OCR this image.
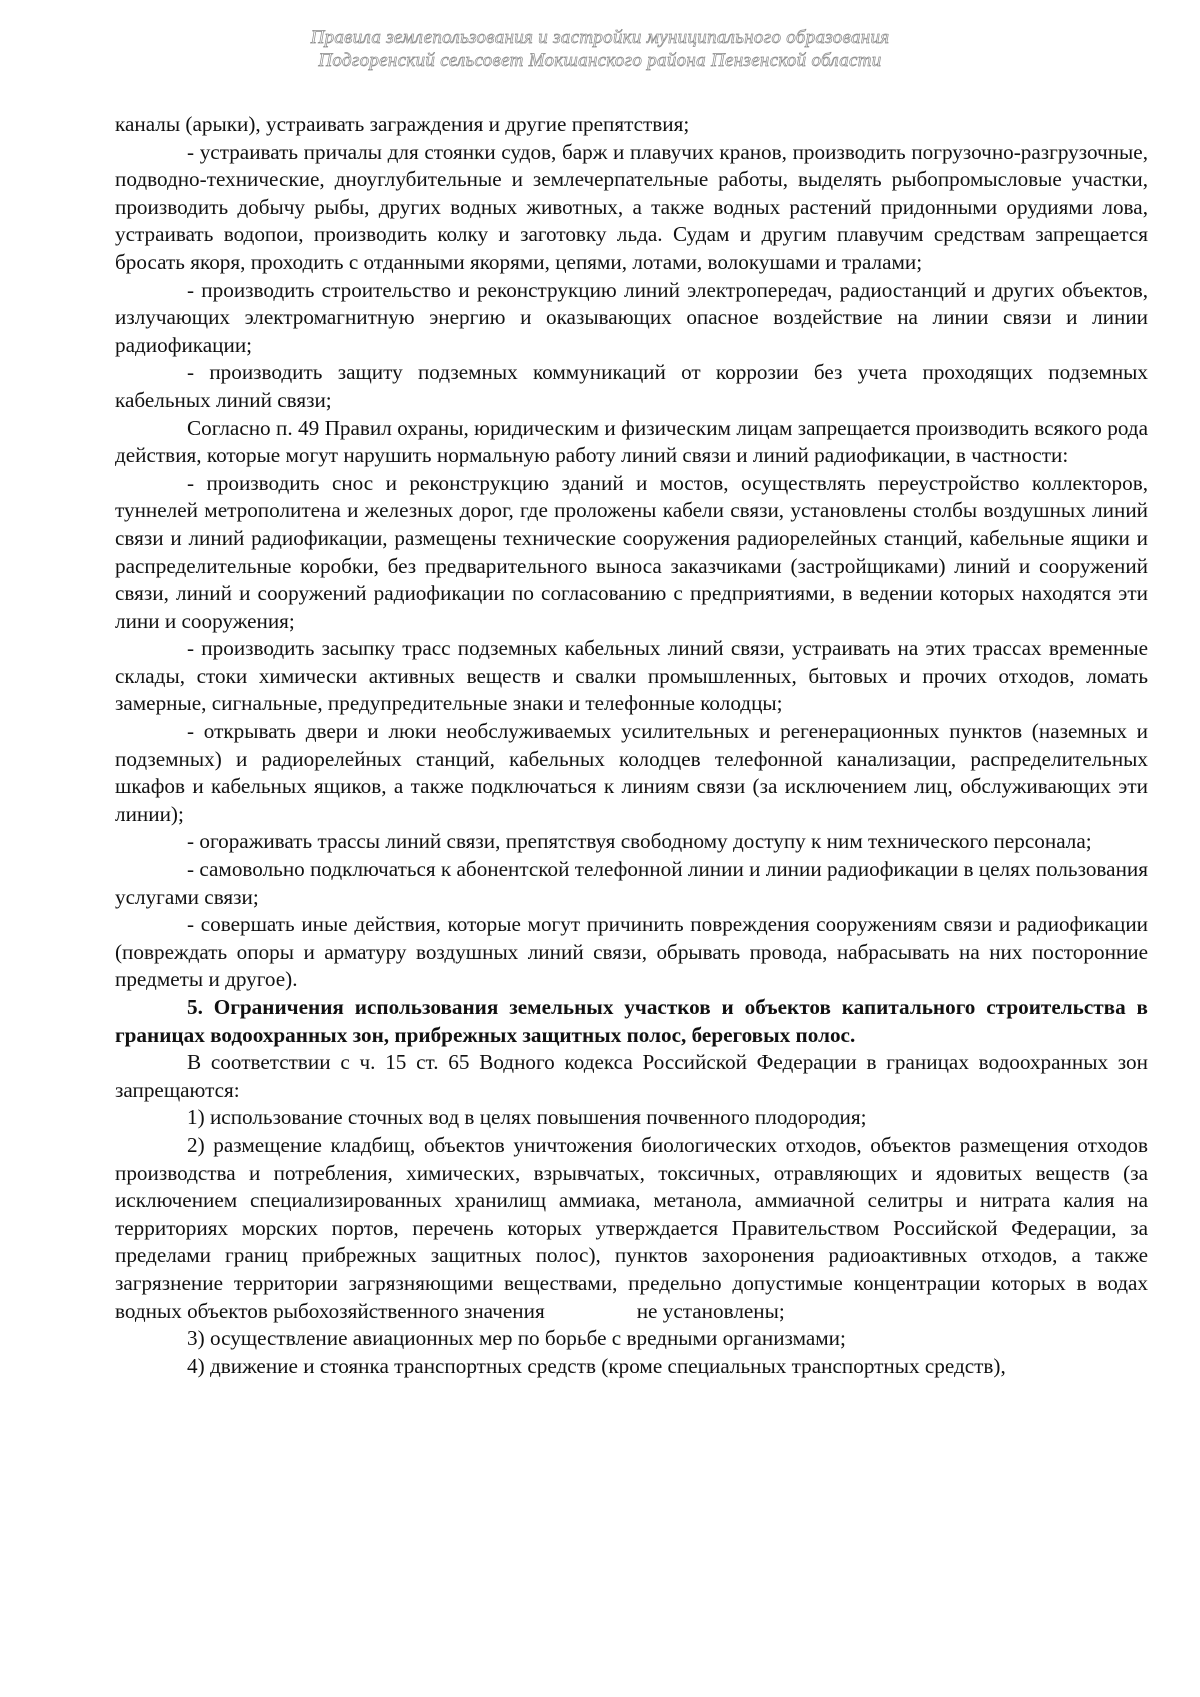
Правила землепользования и застройки муниципального образования
Подгоренский сельсовет Мокшанского района Пензенской области

каналы (арыки), устраивать заграждения и другие препятствия;

- устраивать причалы для стоянки судов, барж и плавучих кранов, производить погрузочно-разгрузочные, подводно-технические, дноуглубительные и землечерпательные работы, выделять рыбопромысловые участки, производить добычу рыбы, других водных животных, а также водных растений придонными орудиями лова, устраивать водопои, производить колку и заготовку льда. Судам и другим плавучим средствам запрещается бросать якоря, проходить с отданными якорями, цепями, лотами, волокушами и тралами;

- производить строительство и реконструкцию линий электропередач, радиостанций и других объектов, излучающих электромагнитную энергию и оказывающих опасное воздействие на линии связи и линии радиофикации;

- производить защиту подземных коммуникаций от коррозии без учета проходящих подземных кабельных линий связи;

Согласно п. 49 Правил охраны, юридическим и физическим лицам запрещается производить всякого рода действия, которые могут нарушить нормальную работу линий связи и линий радиофикации, в частности:

- производить снос и реконструкцию зданий и мостов, осуществлять переустройство коллекторов, туннелей метрополитена и железных дорог, где проложены кабели связи, установлены столбы воздушных линий связи и линий радиофикации, размещены технические сооружения радиорелейных станций, кабельные ящики и распределительные коробки, без предварительного выноса заказчиками (застройщиками) линий и сооружений связи, линий и сооружений радиофикации по согласованию с предприятиями, в ведении которых находятся эти лини и сооружения;

- производить засыпку трасс подземных кабельных линий связи, устраивать на этих трассах временные склады, стоки химически активных веществ и свалки промышленных, бытовых и прочих отходов, ломать замерные, сигнальные, предупредительные знаки и телефонные колодцы;

- открывать двери и люки необслуживаемых усилительных и регенерационных пунктов (наземных и подземных) и радиорелейных станций, кабельных колодцев телефонной канализации, распределительных шкафов и кабельных ящиков, а также подключаться к линиям связи (за исключением лиц, обслуживающих эти линии);

- огораживать трассы линий связи, препятствуя свободному доступу к ним технического персонала;

- самовольно подключаться к абонентской телефонной линии и линии радиофикации в целях пользования услугами связи;

- совершать иные действия, которые могут причинить повреждения сооружениям связи и радиофикации (повреждать опоры и арматуру воздушных линий связи, обрывать провода, набрасывать на них посторонние предметы и другое).

5. Ограничения использования земельных участков и объектов капитального строительства в границах водоохранных зон, прибрежных защитных полос, береговых полос.

В соответствии с ч. 15 ст. 65 Водного кодекса Российской Федерации в границах водоохранных зон запрещаются:

1) использование сточных вод в целях повышения почвенного плодородия;

2) размещение кладбищ, объектов уничтожения биологических отходов, объектов размещения отходов производства и потребления, химических, взрывчатых, токсичных, отравляющих и ядовитых веществ (за исключением специализированных хранилищ аммиака, метанола, аммиачной селитры и нитрата калия на территориях морских портов, перечень которых утверждается Правительством Российской Федерации, за пределами границ прибрежных защитных полос), пунктов захоронения радиоактивных отходов, а также загрязнение территории загрязняющими веществами, предельно допустимые концентрации которых в водах водных объектов рыбохозяйственного значения	не установлены;

3) осуществление авиационных мер по борьбе с вредными организмами;

4) движение и стоянка транспортных средств (кроме специальных транспортных средств),
